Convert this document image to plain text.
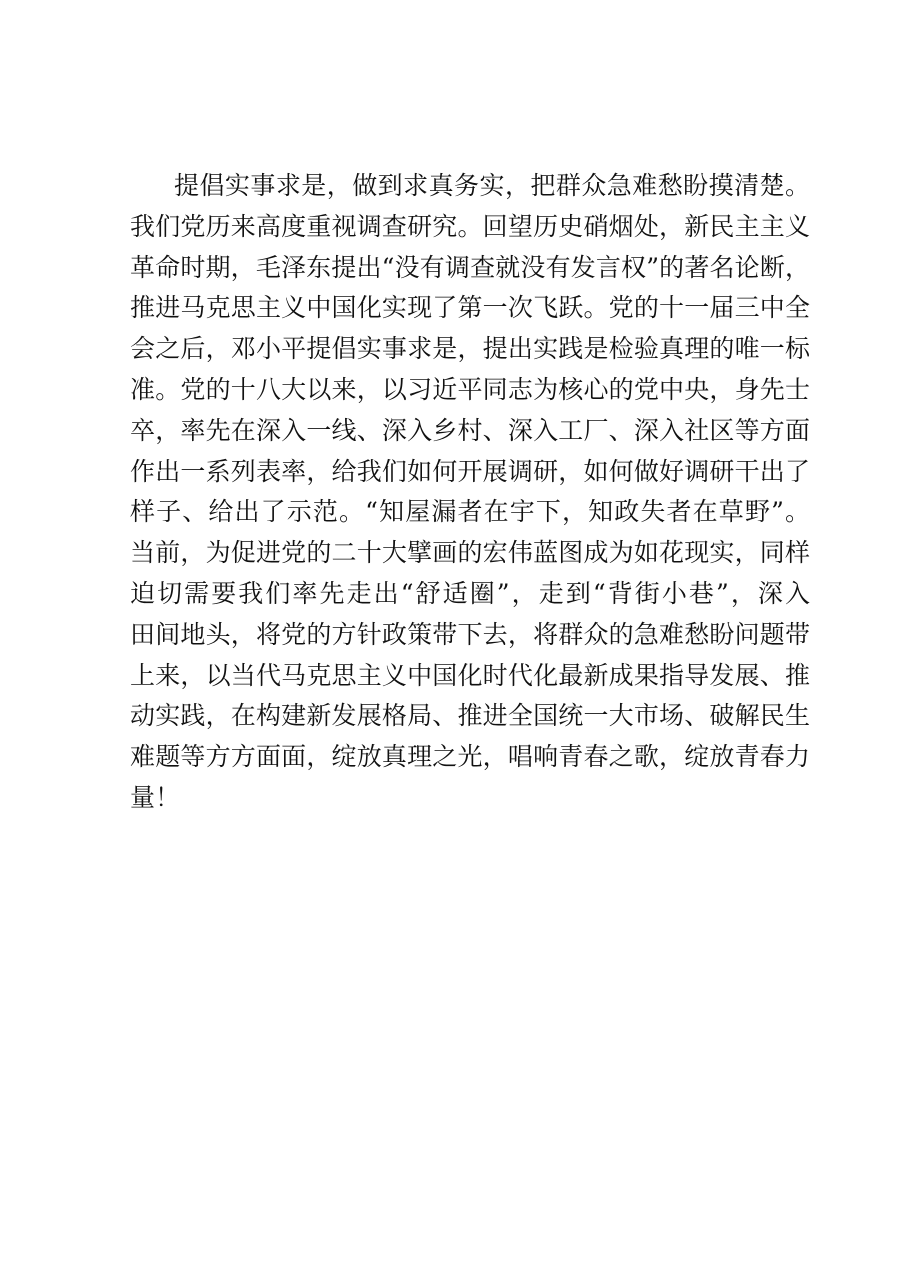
提倡实事求是，做到求真务实，把群众急难愁盼摸清楚。
我们党历来高度重视调查研究。回望历史硝烟处，新民主主义
革命时期，毛泽东提出“没有调查就没有发言权”的著名论断，
推进马克思主义中国化实现了第一次飞跃。党的十一届三中全
会之后，邓小平提倡实事求是，提出实践是检验真理的唯一标
准。党的十八大以来，以习近平同志为核心的党中央，身先士
卒，率先在深入一线、深入乡村、深入工厂、深入社区等方面
作出一系列表率，给我们如何开展调研，如何做好调研干出了
样子、给出了示范。“知屋漏者在宇下，知政失者在草野”。
当前，为促进党的二十大擘画的宏伟蓝图成为如花现实，同样
迫切需要我们率先走出“舒适圈”，走到“背街小巷”，深入
田间地头，将党的方针政策带下去，将群众的急难愁盼问题带
上来，以当代马克思主义中国化时代化最新成果指导发展、推
动实践，在构建新发展格局、推进全国统一大市场、破解民生
难题等方方面面，绽放真理之光，唱响青春之歌，绽放青春力
量！
